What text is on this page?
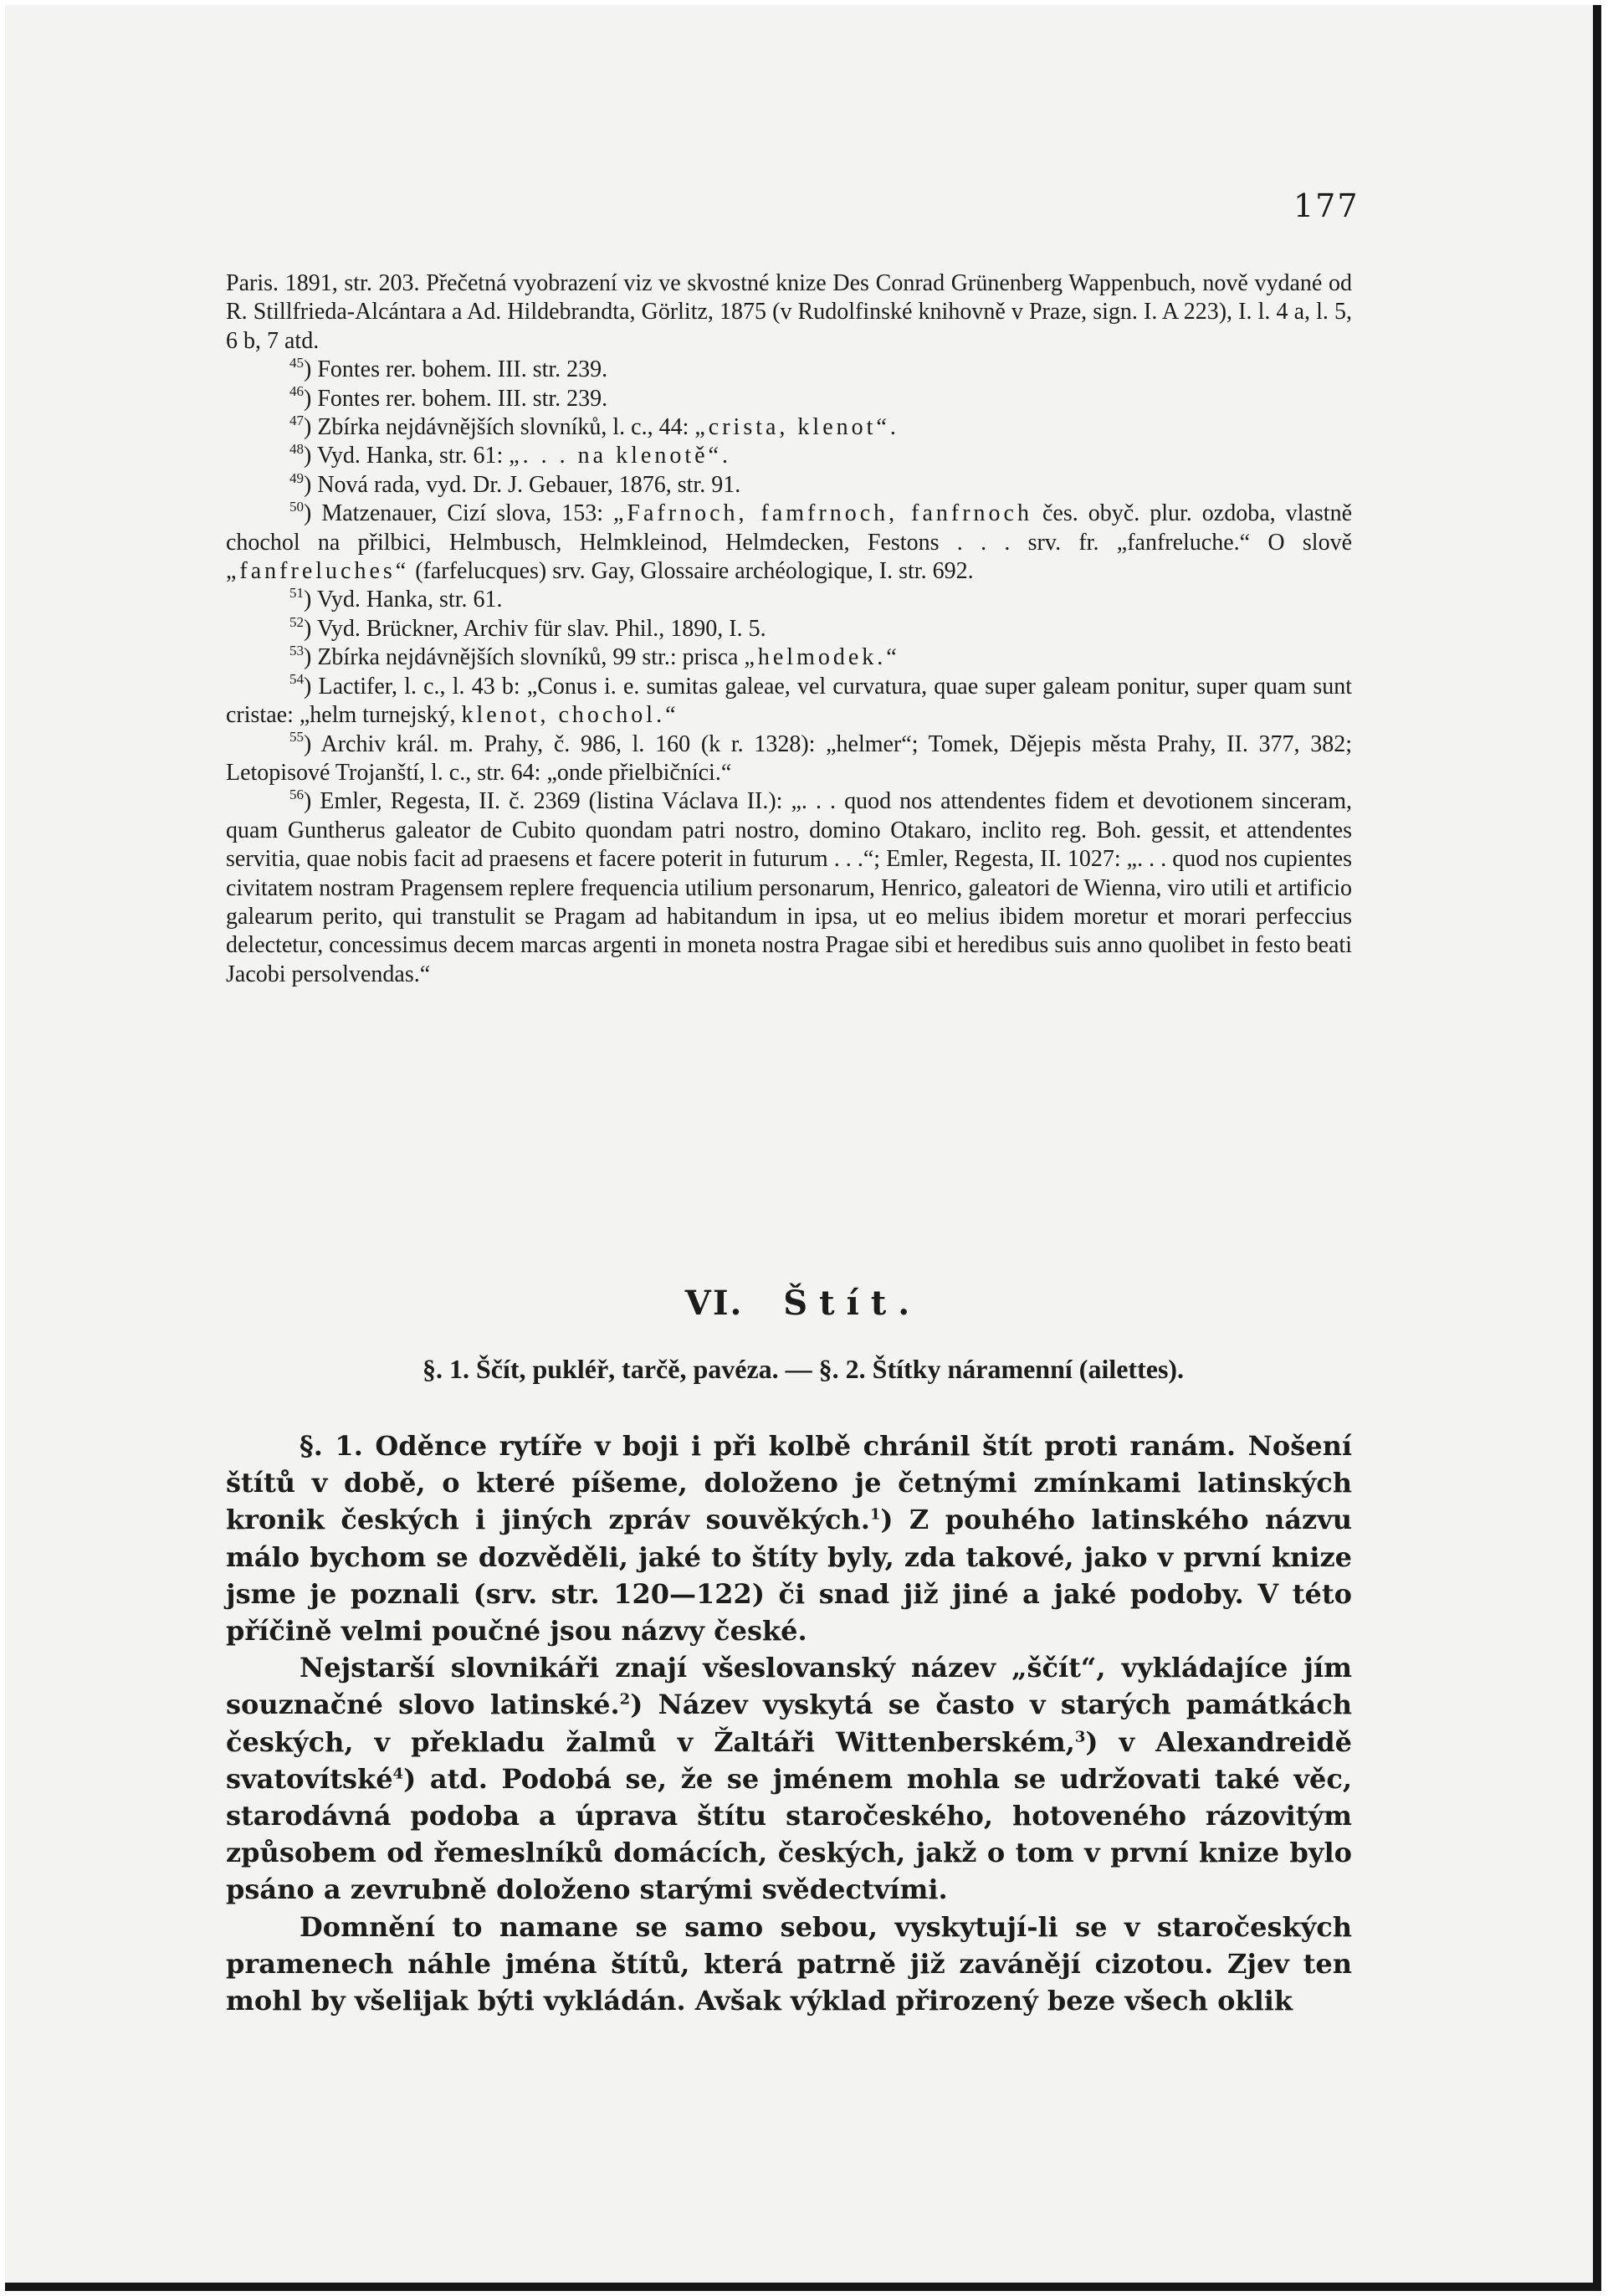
177

Paris. 1891, str. 203. Přečetná vyobrazení viz ve skvostné knize Des Conrad Grünenberg Wappenbuch, nově vydané od R. Stillfrieda-Alcántara a Ad. Hildebrandta, Görlitz, 1875 (v Rudolfinské knihovně v Praze, sign. I. A 223), I. l. 4 a, l. 5, 6 b, 7 atd.

$^{45}$) Fontes rer. bohem. III. str. 239.

$^{46}$) Fontes rer. bohem. III. str. 239.

$^{47}$) Zbírka nejdávnějších slovníků, l. c., 44: „crista, klenot“.

$^{48}$) Vyd. Hanka, str. 61: „. . . na klenotě“.

$^{49}$) Nová rada, vyd. Dr. J. Gebauer, 1876, str. 91.

$^{50}$) Matzenauer, Cizí slova, 153: „Fafrnoch, famfrnoch, fanfrnoch čes. obyč. plur. ozdoba, vlastně chochol na přilbici, Helmbusch, Helmkleinod, Helmdecken, Festons . . . srv. fr. „fanfreluche.“ O slově „fanfreluches“ (farfelucques) srv. Gay, Glossaire archéologique, I. str. 692.

$^{51}$) Vyd. Hanka, str. 61.

$^{52}$) Vyd. Brückner, Archiv für slav. Phil., 1890, I. 5.

$^{53}$) Zbírka nejdávnějších slovníků, 99 str.: prisca „helmodek.“

$^{54}$) Lactifer, l. c., l. 43 b: „Conus i. e. sumitas galeae, vel curvatura, quae super galeam ponitur, super quam sunt cristae: „helm turnejský, klenot, chochol.“

$^{55}$) Archiv král. m. Prahy, č. 986, l. 160 (k r. 1328): „helmer“; Tomek, Dějepis města Prahy, II. 377, 382; Letopisové Trojanští, l. c., str. 64: „onde přielbičníci.“

$^{56}$) Emler, Regesta, II. č. 2369 (listina Václava II.): „. . . quod nos attendentes fidem et devotionem sinceram, quam Guntherus galeator de Cubito quondam patri nostro, domino Otakaro, inclito reg. Boh. gessit, et attendentes servitia, quae nobis facit ad praesens et facere poterit in futurum . . .“; Emler, Regesta, II. 1027: „. . . quod nos cupientes civitatem nostram Pragensem replere frequencia utilium personarum, Henrico, galeatori de Wienna, viro utili et artificio galearum perito, qui transtulit se Pragam ad habitandum in ipsa, ut eo melius ibidem moretur et morari perfeccius delectetur, concessimus decem marcas argenti in moneta nostra Pragae sibi et heredibus suis anno quolibet in festo beati Jacobi persolvendas.“

VI. Štít.
§. 1. Ščít, pukléř, tarčě, pavéza. — §. 2. Štítky náramenní (ailettes).

§. 1. Oděnce rytíře v boji i při kolbě chránil štít proti ranám. Nošení štítů v době, o které píšeme, doloženo je četnými zmínkami latinských kronik českých i jiných zpráv souvěkých.$^1$) Z pouhého latinského názvu málo bychom se dozvěděli, jaké to štíty byly, zda takové, jako v první knize jsme je poznali (srv. str. 120—122) či snad již jiné a jaké podoby. V této příčině velmi poučné jsou názvy české.

Nejstarší slovnikáři znají všeslovanský název „ščít“, vykládajíce jím souznačné slovo latinské.$^2$) Název vyskytá se často v starých památkách českých, v překladu žalmů v Žaltáři Wittenberském,$^3$) v Alexandreidě svatovítské$^4$) atd. Podobá se, že se jménem mohla se udržovati také věc, starodávná podoba a úprava štítu staročeského, hotoveného rázovitým způsobem od řemeslníků domácích, českých, jakž o tom v první knize bylo psáno a zevrubně doloženo starými svědectvími.

Domnění to namane se samo sebou, vyskytují-li se v staročeských pramenech náhle jména štítů, která patrně již zavánějí cizotou. Zjev ten mohl by všelijak býti vykládán. Avšak výklad přirozený beze všech oklik
